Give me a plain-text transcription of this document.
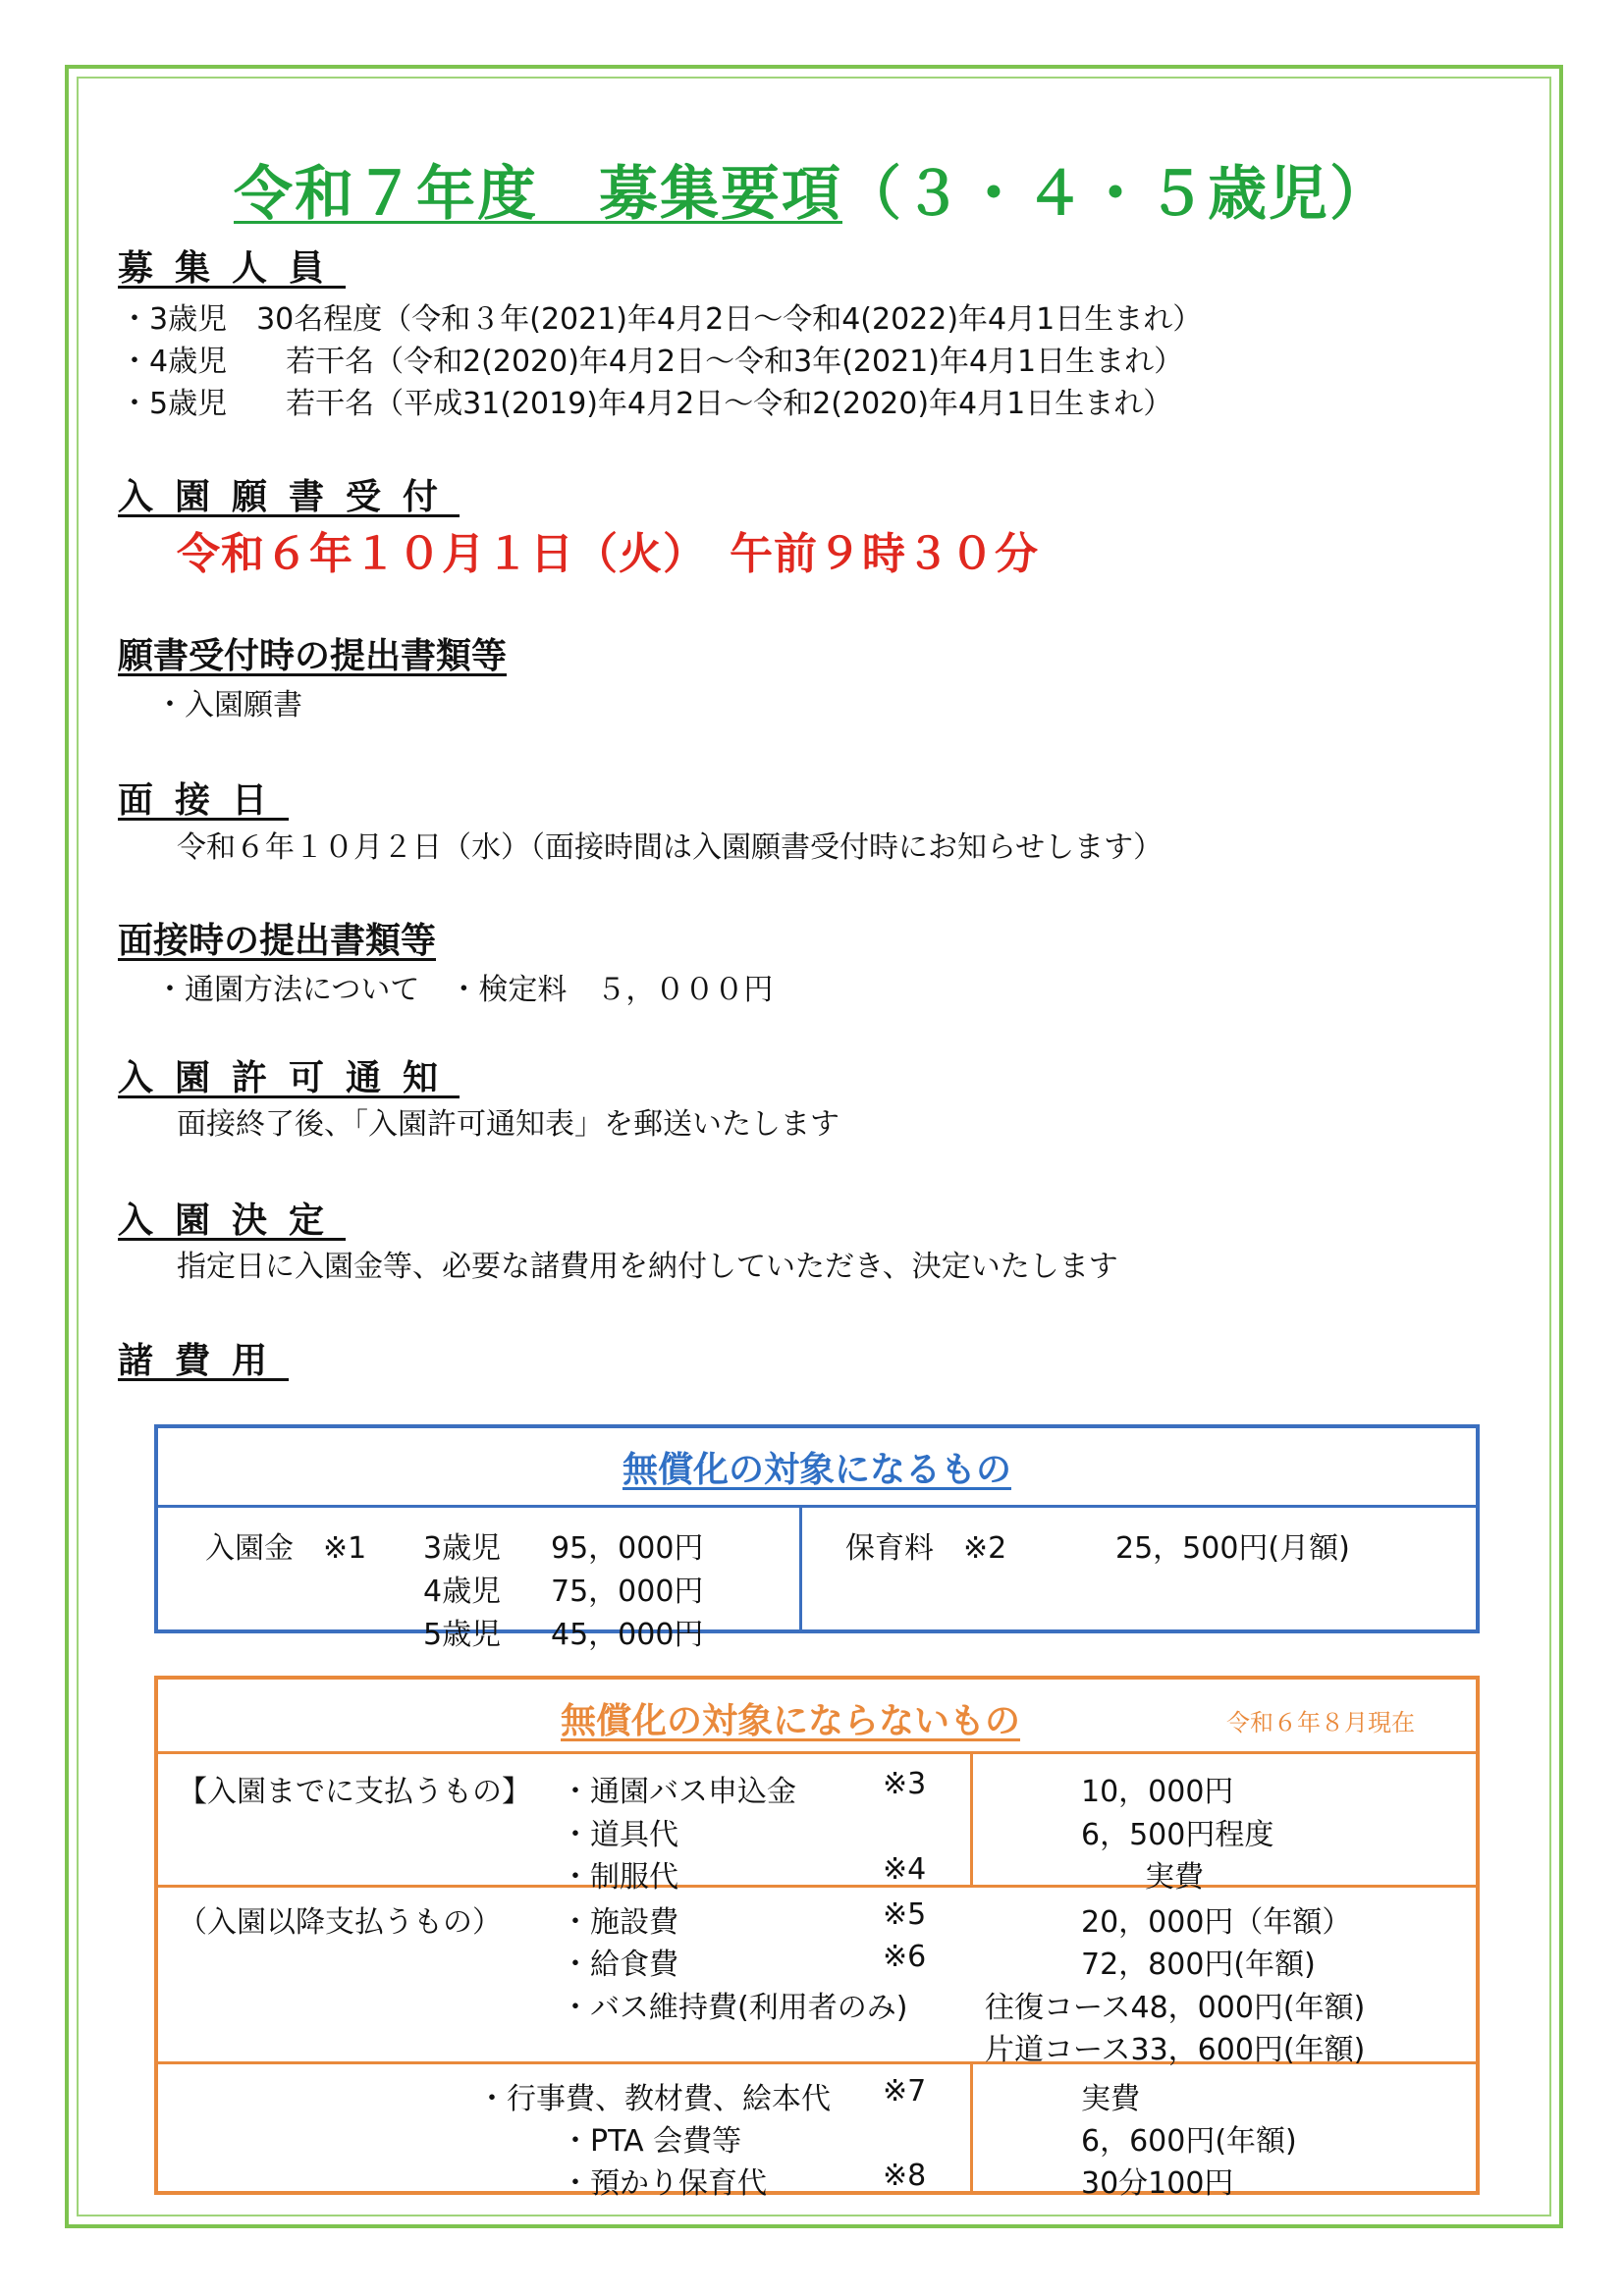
令和７年度　募集要項（３・４・５歳児）
募集人員
・3歳児　30名程度（令和３年(2021)年4月2日～令和4(2022)年4月1日生まれ）
・4歳児　　若干名（令和2(2020)年4月2日～令和3年(2021)年4月1日生まれ）
・5歳児　　若干名（平成31(2019)年4月2日～令和2(2020)年4月1日生まれ）
入園願書受付
令和６年１０月１日（火）　午前９時３０分
願書受付時の提出書類等
・入園願書
面接日
令和６年１０月２日（水）（面接時間は入園願書受付時にお知らせします）
面接時の提出書類等
・通園方法について　・検定料　５，０００円
入園許可通知
面接終了後、「入園許可通知表」を郵送いたします
入園決定
指定日に入園金等、必要な諸費用を納付していただき、決定いたします
諸費用
無償化の対象になるもの
入園金　※1 3歳児 95，000円
4歳児 75，000円
5歳児 45，000円
保育料　※2	25，500円(月額)
無償化の対象にならないもの	令和６年８月現在
【入園までに支払うもの】 ・通園バス申込金	※3	10，000円
・道具代	6，500円程度
・制服代	※4	実費
（入園以降支払うもの） ・施設費	※5	20，000円（年額）
・給食費	※6	72，800円(年額)
・バス維持費(利用者のみ)	往復コース48，000円(年額)
片道コース33，600円(年額)
・行事費、教材費、絵本代 ※7	実費
・PTA 会費等	6，600円(年額)
・預かり保育代	※8	30分100円
